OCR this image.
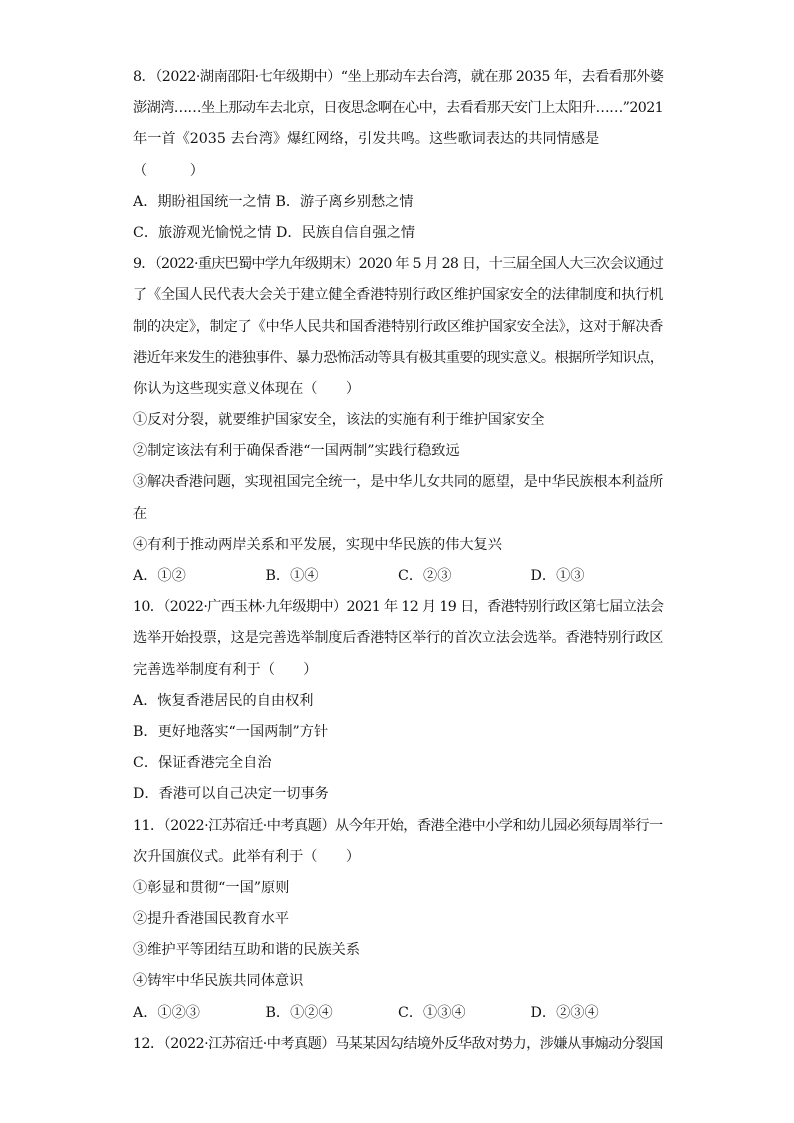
8．（2022·湖南邵阳·七年级期中）“坐上那动车去台湾，就在那 2035 年，去看看那外婆
澎湖湾……坐上那动车去北京，日夜思念啊在心中，去看看那天安门上太阳升……”2021
年一首《2035 去台湾》爆红网络，引发共鸣。这些歌词表达的共同情感是
（　　　）
A．期盼祖国统一之情 B．游子离乡别愁之情
C．旅游观光愉悦之情 D．民族自信自强之情
9．（2022·重庆巴蜀中学九年级期末）2020 年 5 月 28 日，十三届全国人大三次会议通过
了《全国人民代表大会关于建立健全香港特别行政区维护国家安全的法律制度和执行机
制的决定》，制定了《中华人民共和国香港特别行政区维护国家安全法》，这对于解决香
港近年来发生的港独事件、暴力恐怖活动等具有极其重要的现实意义。根据所学知识点，
你认为这些现实意义体现在（　　）
①反对分裂，就要维护国家安全，该法的实施有利于维护国家安全
②制定该法有利于确保香港“一国两制”实践行稳致远
③解决香港问题，实现祖国完全统一，是中华儿女共同的愿望，是中华民族根本利益所
在
④有利于推动两岸关系和平发展，实现中华民族的伟大复兴
A．①②	B．①④	C．②③	D．①③
10．（2022·广西玉林·九年级期中）2021 年 12 月 19 日，香港特别行政区第七届立法会
选举开始投票，这是完善选举制度后香港特区举行的首次立法会选举。香港特别行政区
完善选举制度有利于（　　）
A．恢复香港居民的自由权利
B．更好地落实“一国两制”方针
C．保证香港完全自治
D．香港可以自己决定一切事务
11．（2022·江苏宿迁·中考真题）从今年开始，香港全港中小学和幼儿园必须每周举行一
次升国旗仪式。此举有利于（　　）
①彰显和贯彻“一国”原则
②提升香港国民教育水平
③维护平等团结互助和谐的民族关系
④铸牢中华民族共同体意识
A．①②③	B．①②④	C．①③④	D．②③④
12．（2022·江苏宿迁·中考真题）马某某因勾结境外反华敌对势力，涉嫌从事煽动分裂国
